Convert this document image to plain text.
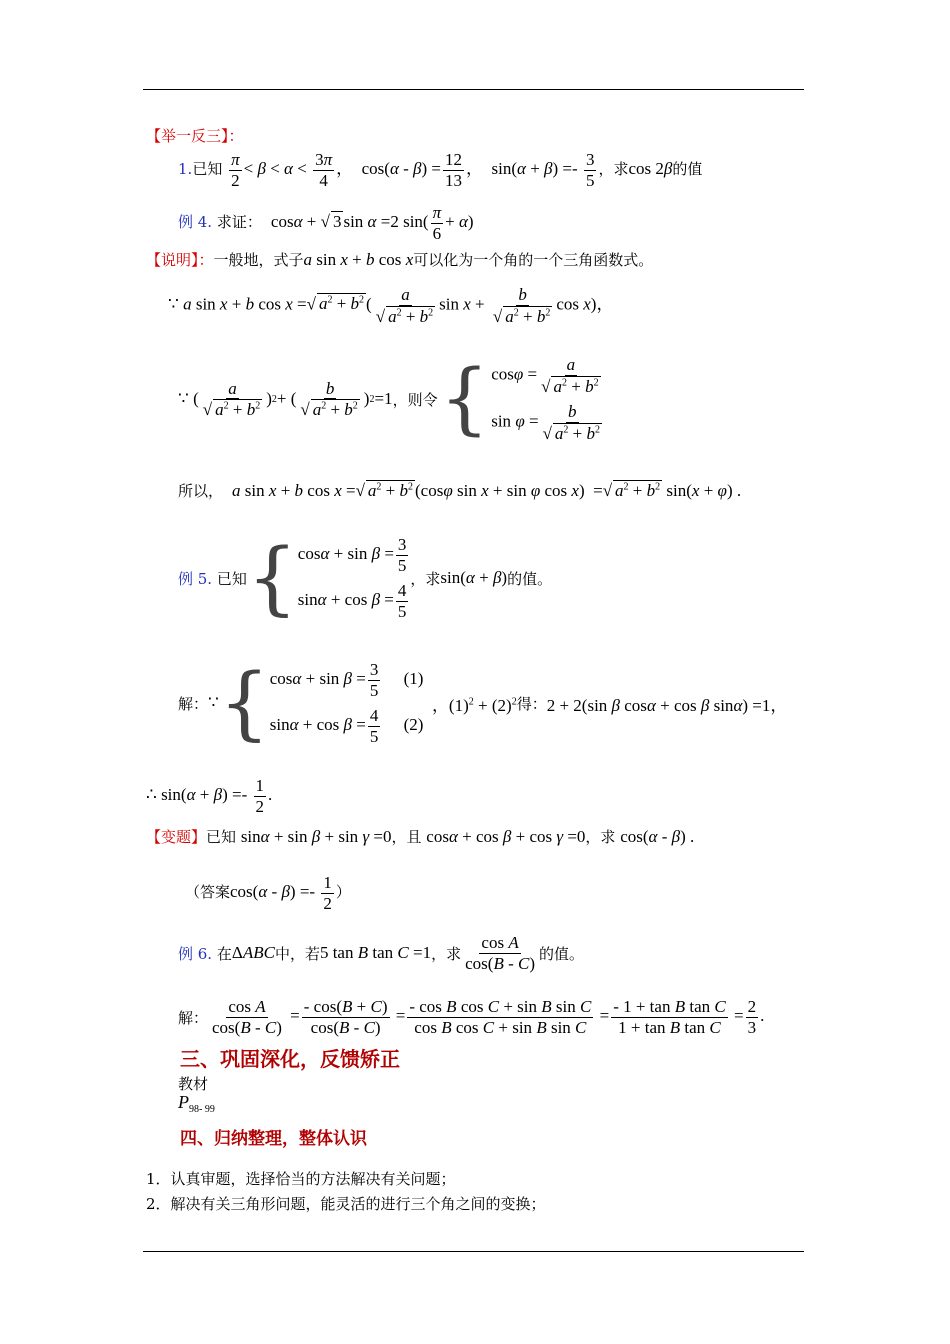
【举一反三】：
1.已知 $\frac{\pi}{2} < \beta < \alpha < \frac{3\pi}{4}$ ，  $\cos(\alpha - \beta) = \frac{12}{13}$ ，  $\sin(\alpha + \beta) =- \frac{3}{5}$ ，求cos 2β的值
例 4. 求证：  cosα + √ 3 sin α =2 $\sin( \frac{\pi}{6} + \alpha)$
【说明】：一般地，式子a sin x + b cos x可以化为一个角的一个三角函数式。
∵ a sin x + b cos x =√ $a^2 + b^2$ ( $\frac{a}{√ a^2 + b^2}$ $\sin x + \frac{b}{√ a^2 + b^2}$ cos x)，
∵ ( $\frac{a}{√ a^2 + b^2}$ ) 2 + ( $\frac{b}{√ a^2 + b^2}$ ) 2 =1 ，则令 { $\cos\varphi = \frac{a}{√ a^2 + b^2}$
$\sin \varphi = \frac{b}{√ a^2 + b^2}$
所以， a sin x + b cos x =√ $a^2 + b^2$ (cosφ sin x + sin φ cos x)  =√ $a^2 + b^2$ sin(x + φ) .
例 5.
已知 { $\cos\alpha + \sin \beta = \frac{3}{5}$
$\sin\alpha + \cos \beta = \frac{4}{5}$
，求 sin(α + β) 的值。
解： ∵ { $\cos\alpha + \sin \beta = \frac{3}{5} (1)$
$\sin\alpha + \cos \beta = \frac{4}{5} (2)$
，$(1)^2 + (2)^2$ 得： 2 + 2(sin β cosα + cos β sinα) =1，
∴ $\sin(\alpha + \beta) =- \frac{1}{2}$ .
【变题】已知 sinα + sin β + sin γ =0，且 cosα + cos β + cos γ =0，求 cos(α - β) .
（答案$\cos(\alpha - \beta) =- \frac{1}{2}$ ）
例 6.
在 ΔABC 中，若 5 tan B tan C =1 ，求 $\frac{\text{cos A}}{\cos(B - C)}$ 的值。
解： $\frac{\text{cos A}}{\cos(B - C)} = \frac{- \cos(B + C)}{\cos(B - C)} = \frac{\text{- cos B cos C + sin B sin C}}{\text{cos B cos C + sin B sin C}} = \frac{\text{- 1 + tan B tan C}}{\text{1 + tan B tan C}} = \frac{2}{3}$ .
三、巩固深化，反馈矫正
教材
$P_{98- 99}$
四、归纳整理，整体认识
1．认真审题，选择恰当的方法解决有关问题；
2．解决有关三角形问题，能灵活的进行三个角之间的变换；
